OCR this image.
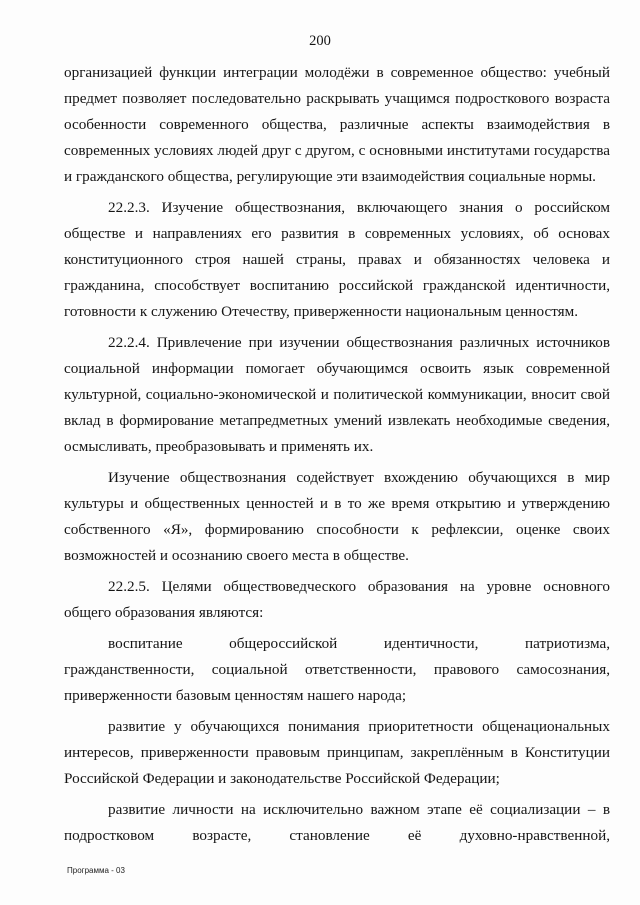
200

организацией функции интеграции молодёжи в современное общество: учебный предмет позволяет последовательно раскрывать учащимся подросткового возраста особенности современного общества, различные аспекты взаимодействия в современных условиях людей друг с другом, с основными институтами государства и гражданского общества, регулирующие эти взаимодействия социальные нормы.

22.2.3. Изучение обществознания, включающего знания о российском обществе и направлениях его развития в современных условиях, об основах конституционного строя нашей страны, правах и обязанностях человека и гражданина, способствует воспитанию российской гражданской идентичности, готовности к служению Отечеству, приверженности национальным ценностям.

22.2.4. Привлечение при изучении обществознания различных источников социальной информации помогает обучающимся освоить язык современной культурной, социально-экономической и политической коммуникации, вносит свой вклад в формирование метапредметных умений извлекать необходимые сведения, осмысливать, преобразовывать и применять их.

Изучение обществознания содействует вхождению обучающихся в мир культуры и общественных ценностей и в то же время открытию и утверждению собственного «Я», формированию способности к рефлексии, оценке своих возможностей и осознанию своего места в обществе.

22.2.5. Целями обществоведческого образования на уровне основного общего образования являются:

воспитание общероссийской идентичности, патриотизма, гражданственности, социальной ответственности, правового самосознания, приверженности базовым ценностям нашего народа;

развитие у обучающихся понимания приоритетности общенациональных интересов, приверженности правовым принципам, закреплённым в Конституции Российской Федерации и законодательстве Российской Федерации;

развитие личности на исключительно важном этапе её социализации – в подростковом возрасте, становление её духовно-нравственной,

Программа - 03
